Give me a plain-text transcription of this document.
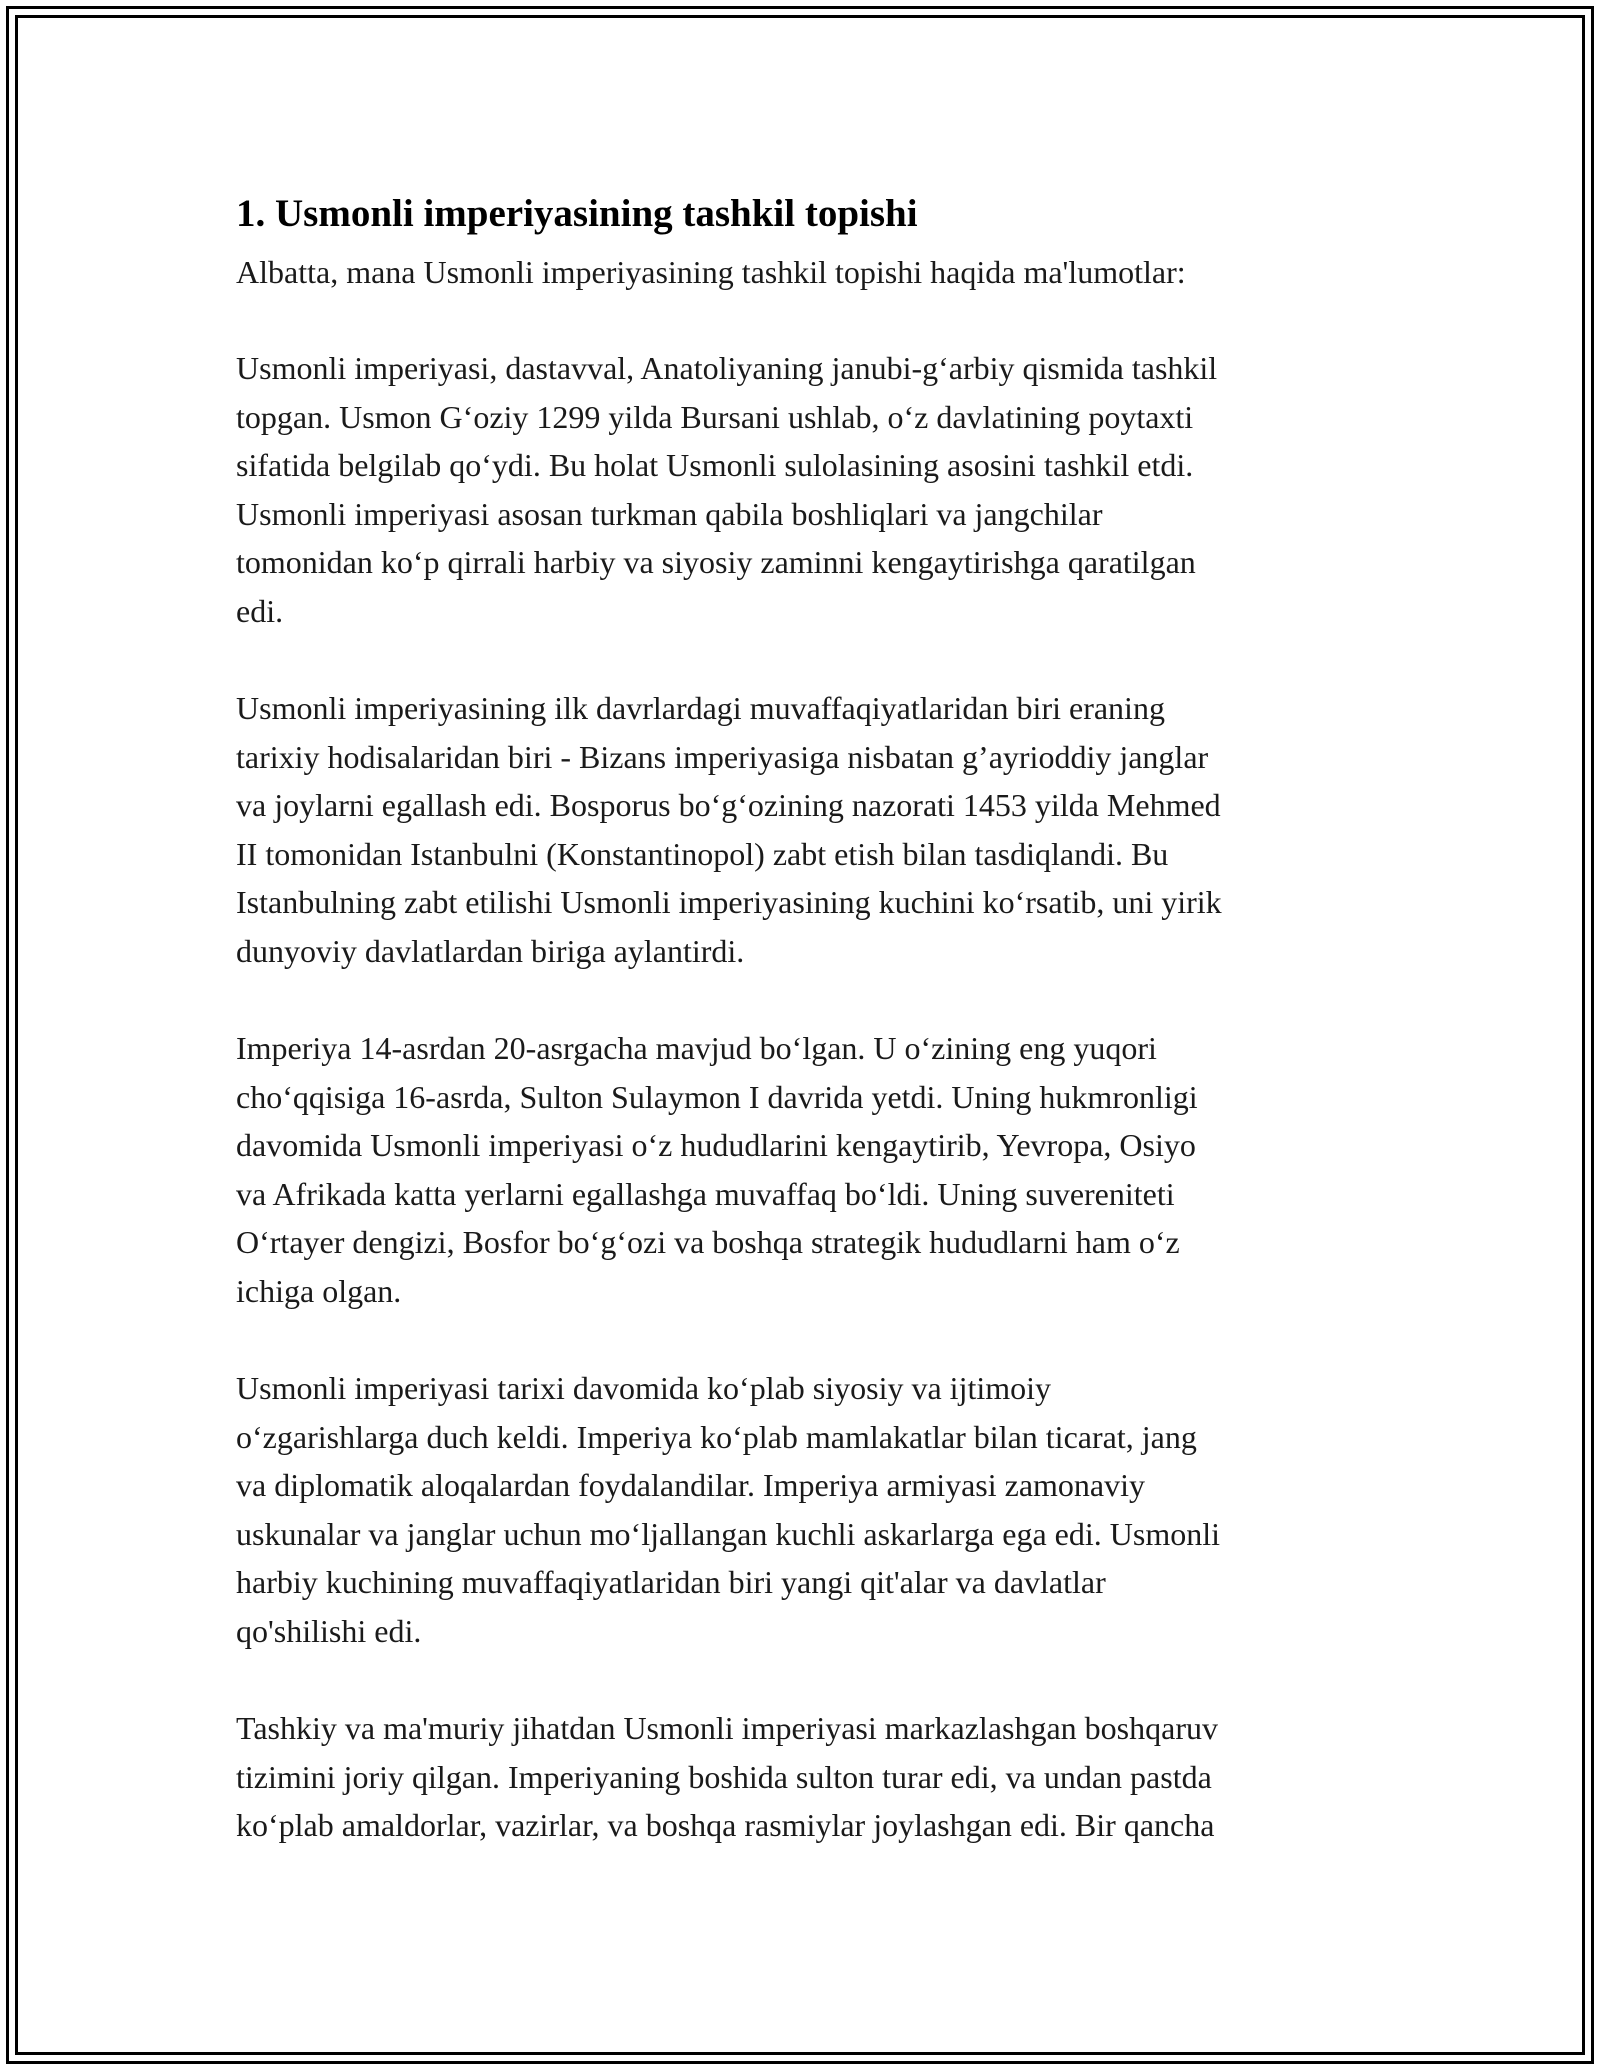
1. Usmonli imperiyasining tashkil topishi

Albatta, mana Usmonli imperiyasining tashkil topishi haqida ma'lumotlar:

Usmonli imperiyasi, dastavval, Anatoliyaning janubi-g‘arbiy qismida tashkil
topgan. Usmon G‘oziy 1299 yilda Bursani ushlab, o‘z davlatining poytaxti
sifatida belgilab qo‘ydi. Bu holat Usmonli sulolasining asosini tashkil etdi.
Usmonli imperiyasi asosan turkman qabila boshliqlari va jangchilar
tomonidan ko‘p qirrali harbiy va siyosiy zaminni kengaytirishga qaratilgan
edi.
Usmonli imperiyasining ilk davrlardagi muvaffaqiyatlaridan biri eraning
tarixiy hodisalaridan biri - Bizans imperiyasiga nisbatan g’ayrioddiy janglar
va joylarni egallash edi. Bosporus bo‘g‘ozining nazorati 1453 yilda Mehmed
II tomonidan Istanbulni (Konstantinopol) zabt etish bilan tasdiqlandi. Bu
Istanbulning zabt etilishi Usmonli imperiyasining kuchini ko‘rsatib, uni yirik
dunyoviy davlatlardan biriga aylantirdi.
Imperiya 14-asrdan 20-asrgacha mavjud bo‘lgan. U o‘zining eng yuqori
cho‘qqisiga 16-asrda, Sulton Sulaymon I davrida yetdi. Uning hukmronligi
davomida Usmonli imperiyasi o‘z hududlarini kengaytirib, Yevropa, Osiyo
va Afrikada katta yerlarni egallashga muvaffaq bo‘ldi. Uning suvereniteti
O‘rtayer dengizi, Bosfor bo‘g‘ozi va boshqa strategik hududlarni ham o‘z
ichiga olgan.
Usmonli imperiyasi tarixi davomida ko‘plab siyosiy va ijtimoiy
o‘zgarishlarga duch keldi. Imperiya ko‘plab mamlakatlar bilan ticarat, jang
va diplomatik aloqalardan foydalandilar. Imperiya armiyasi zamonaviy
uskunalar va janglar uchun mo‘ljallangan kuchli askarlarga ega edi. Usmonli
harbiy kuchining muvaffaqiyatlaridan biri yangi qit'alar va davlatlar
qo'shilishi edi.
Tashkiy va ma'muriy jihatdan Usmonli imperiyasi markazlashgan boshqaruv
tizimini joriy qilgan. Imperiyaning boshida sulton turar edi, va undan pastda
ko‘plab amaldorlar, vazirlar, va boshqa rasmiylar joylashgan edi. Bir qancha
